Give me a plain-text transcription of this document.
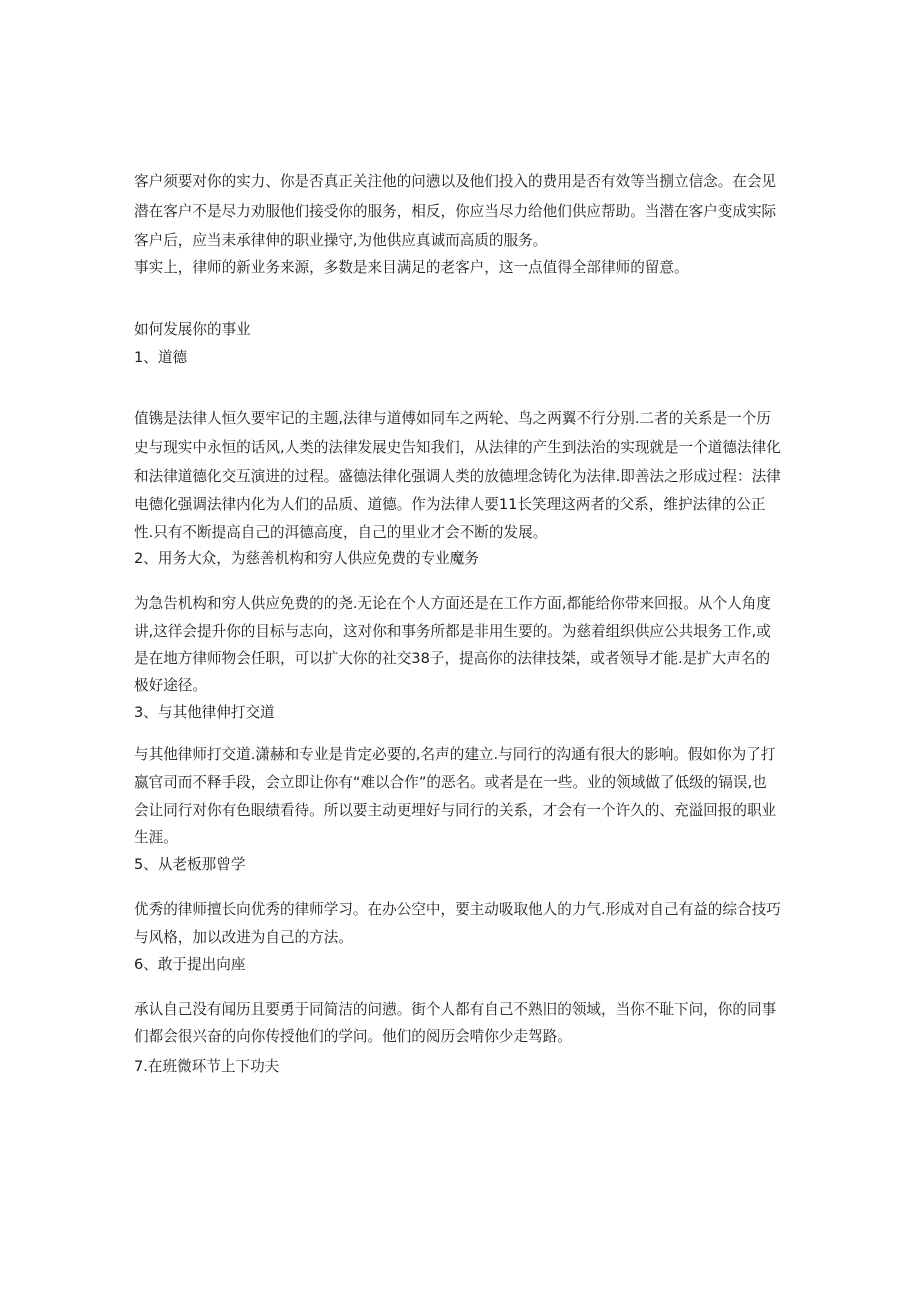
客户须要对你的实力、你是否真正关注他的问懑以及他们投入的费用是否有效等当捌立信念。在会见

潜在客户不是尽力劝服他们接受你的服务，相反，你应当尽力给他们供应帮助。当潜在客户变成实际

客户后，应当耒承律伸的职业操守,为他供应真诚而高质的服务。

事实上，律师的新业务来源，多数是来目满足的老客户，这一点值得全部律师的留意。

如何发展你的事业

1、道德

值镌是法律人恒久要牢记的主题,法律与道傅如同车之两轮、鸟之两翼不行分别.二者的关系是一个历

史与现实中永恒的话风,人类的法律发展史告知我们，从法律的产生到法治的实现就是一个道德法律化

和法律道德化交互演进的过程。盛德法律化强调人类的放德埋念铸化为法律.即善法之形成过程：法律

电德化强调法律内化为人们的品质、道德。作为法律人要11长笑理这两者的父系，维护法律的公正

性.只有不断提高自己的洱德高度，自己的里业才会不断的发展。

2、用务大众，为慈善机构和穷人供应免费的专业魔务

为急告机构和穷人供应免费的的尧.无论在个人方面还是在工作方面,都能给你带来回报。从个人角度

讲,这徉会提升你的目标与志向，这对你和事务所都是非用生要的。为慈着组织供应公共垠务工作,或

是在地方律师物会任职，可以扩大你的社交38子，提高你的法律技桀，或者领导才能.是扩大声名的

极好途径。

3、与其他律伸打交道

与其他律师打交道.潇赫和专业是肯定必要的,名声的建立.与同行的沟通有很大的影响。假如你为了打

嬴官司而不释手段，会立即让你有“难以合作”的恶名。或者是在一些。业的领域做了低级的镉误,也

会让同行对你有色眼绩看待。所以要主动更埋好与同行的关系，才会有一个许久的、充溢回报的职业

生涯。

5、从老板那曾学

优秀的律师擅长向优秀的律师学习。在办公空中，要主动吸取他人的力气.形成对自己有益的综合技巧

与风格，加以改进为自己的方法。

6、敢于提出向座

承认自己没有闻历且要勇于同简洁的问懑。街个人都有自己不熟旧的领域，当你不耻下问，你的同事

们都会很兴奋的向你传授他们的学问。他们的阅历会啃你少走驾路。

7.在班微环节上下功夫
